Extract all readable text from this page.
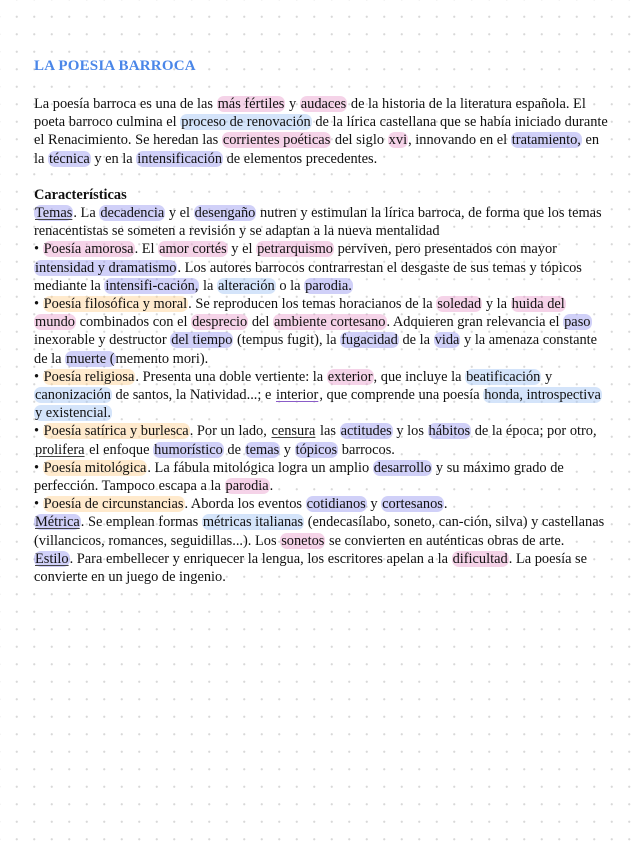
LA POESIA BARROCA

La poesía barroca es una de las más fértiles y audaces de la historia de la literatura española. El poeta barroco culmina el proceso de renovación de la lírica castellana que se había iniciado durante el Renacimiento. Se heredan las corrientes poéticas del siglo xvi, innovando en el tratamiento, en la técnica y en la intensificación de elementos precedentes.

Características

Temas. La decadencia y el desengaño nutren y estimulan la lírica barroca, de forma que los temas renacentistas se someten a revisión y se adaptan a la nueva mentalidad

• Poesía amorosa. El amor cortés y el petrarquismo perviven, pero presentados con mayor intensidad y dramatismo. Los autores barrocos contrarrestan el desgaste de sus temas y tópicos mediante la intensifi-cación, la alteración o la parodia.

• Poesía filosófica y moral. Se reproducen los temas horacianos de la soledad y la huida del mundo combinados con el desprecio del ambiente cortesano. Adquieren gran relevancia el paso inexorable y destructor del tiempo (tempus fugit), la fugacidad de la vida y la amenaza constante de la muerte (memento mori).

• Poesía religiosa. Presenta una doble vertiente: la exterior, que incluye la beatificación y canonización de santos, la Natividad...; e interior, que comprende una poesía honda, introspectiva y existencial.

• Poesía satírica y burlesca. Por un lado, censura las actitudes y los hábitos de la época; por otro, prolifera el enfoque humorístico de temas y tópicos barrocos.

• Poesía mitológica. La fábula mitológica logra un amplio desarrollo y su máximo grado de perfección. Tampoco escapa a la parodia.

• Poesía de circunstancias. Aborda los eventos cotidianos y cortesanos.

Métrica. Se emplean formas métricas italianas (endecasílabo, soneto, can-ción, silva) y castellanas (villancicos, romances, seguidillas...). Los sonetos se convierten en auténticas obras de arte.

Estilo. Para embellecer y enriquecer la lengua, los escritores apelan a la dificultad. La poesía se convierte en un juego de ingenio.
